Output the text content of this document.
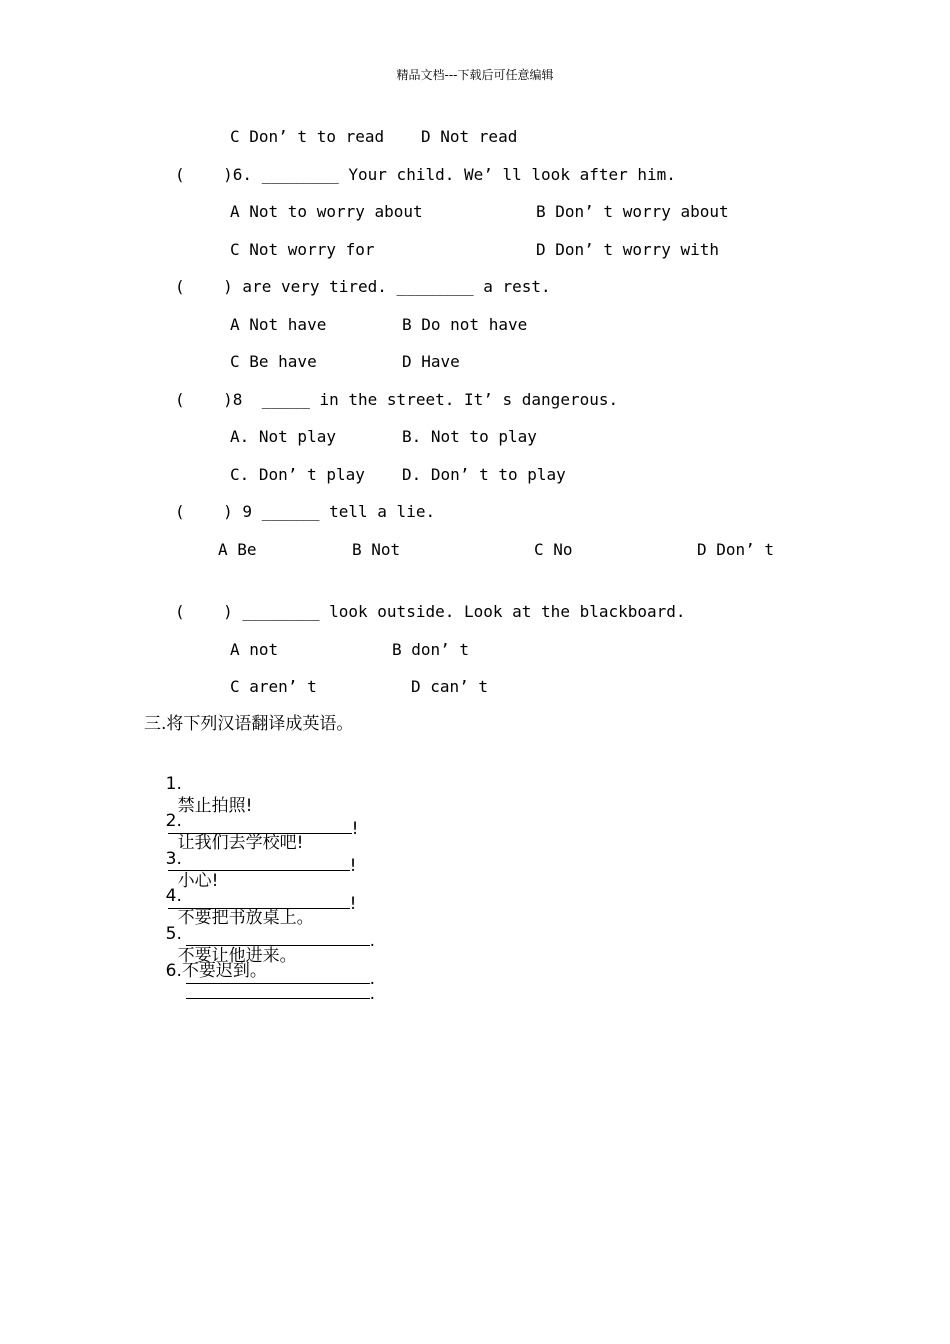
精品文档---下载后可任意编辑
C Don’ t to read D Not read
(    )6. ________ Your child. We’ ll look after him.
A Not to worry about	B Don’ t worry about
C Not worry for	D Don’ t worry with
(    ) are very tired. ________ a rest.
A Not have	B Do not have
C Be have	D Have
(    )8  _____ in the street. It’ s dangerous.
A. Not play	B. Not to play
C. Don’ t play D. Don’ t to play
(    ) 9 ______ tell a lie.
A Be	B Not	C No	D Don’ t
(    ) ________ look outside. Look at the blackboard.
A not	B don’ t
C aren’ t	D can’ t
三.将下列汉语翻译成英语。

1.
禁止拍照!
!

2.
让我们去学校吧!
!

3.
小心!
!

4.
不要把书放桌上。
.

5.
不要让他进来。
.

6.不要迟到。
.
